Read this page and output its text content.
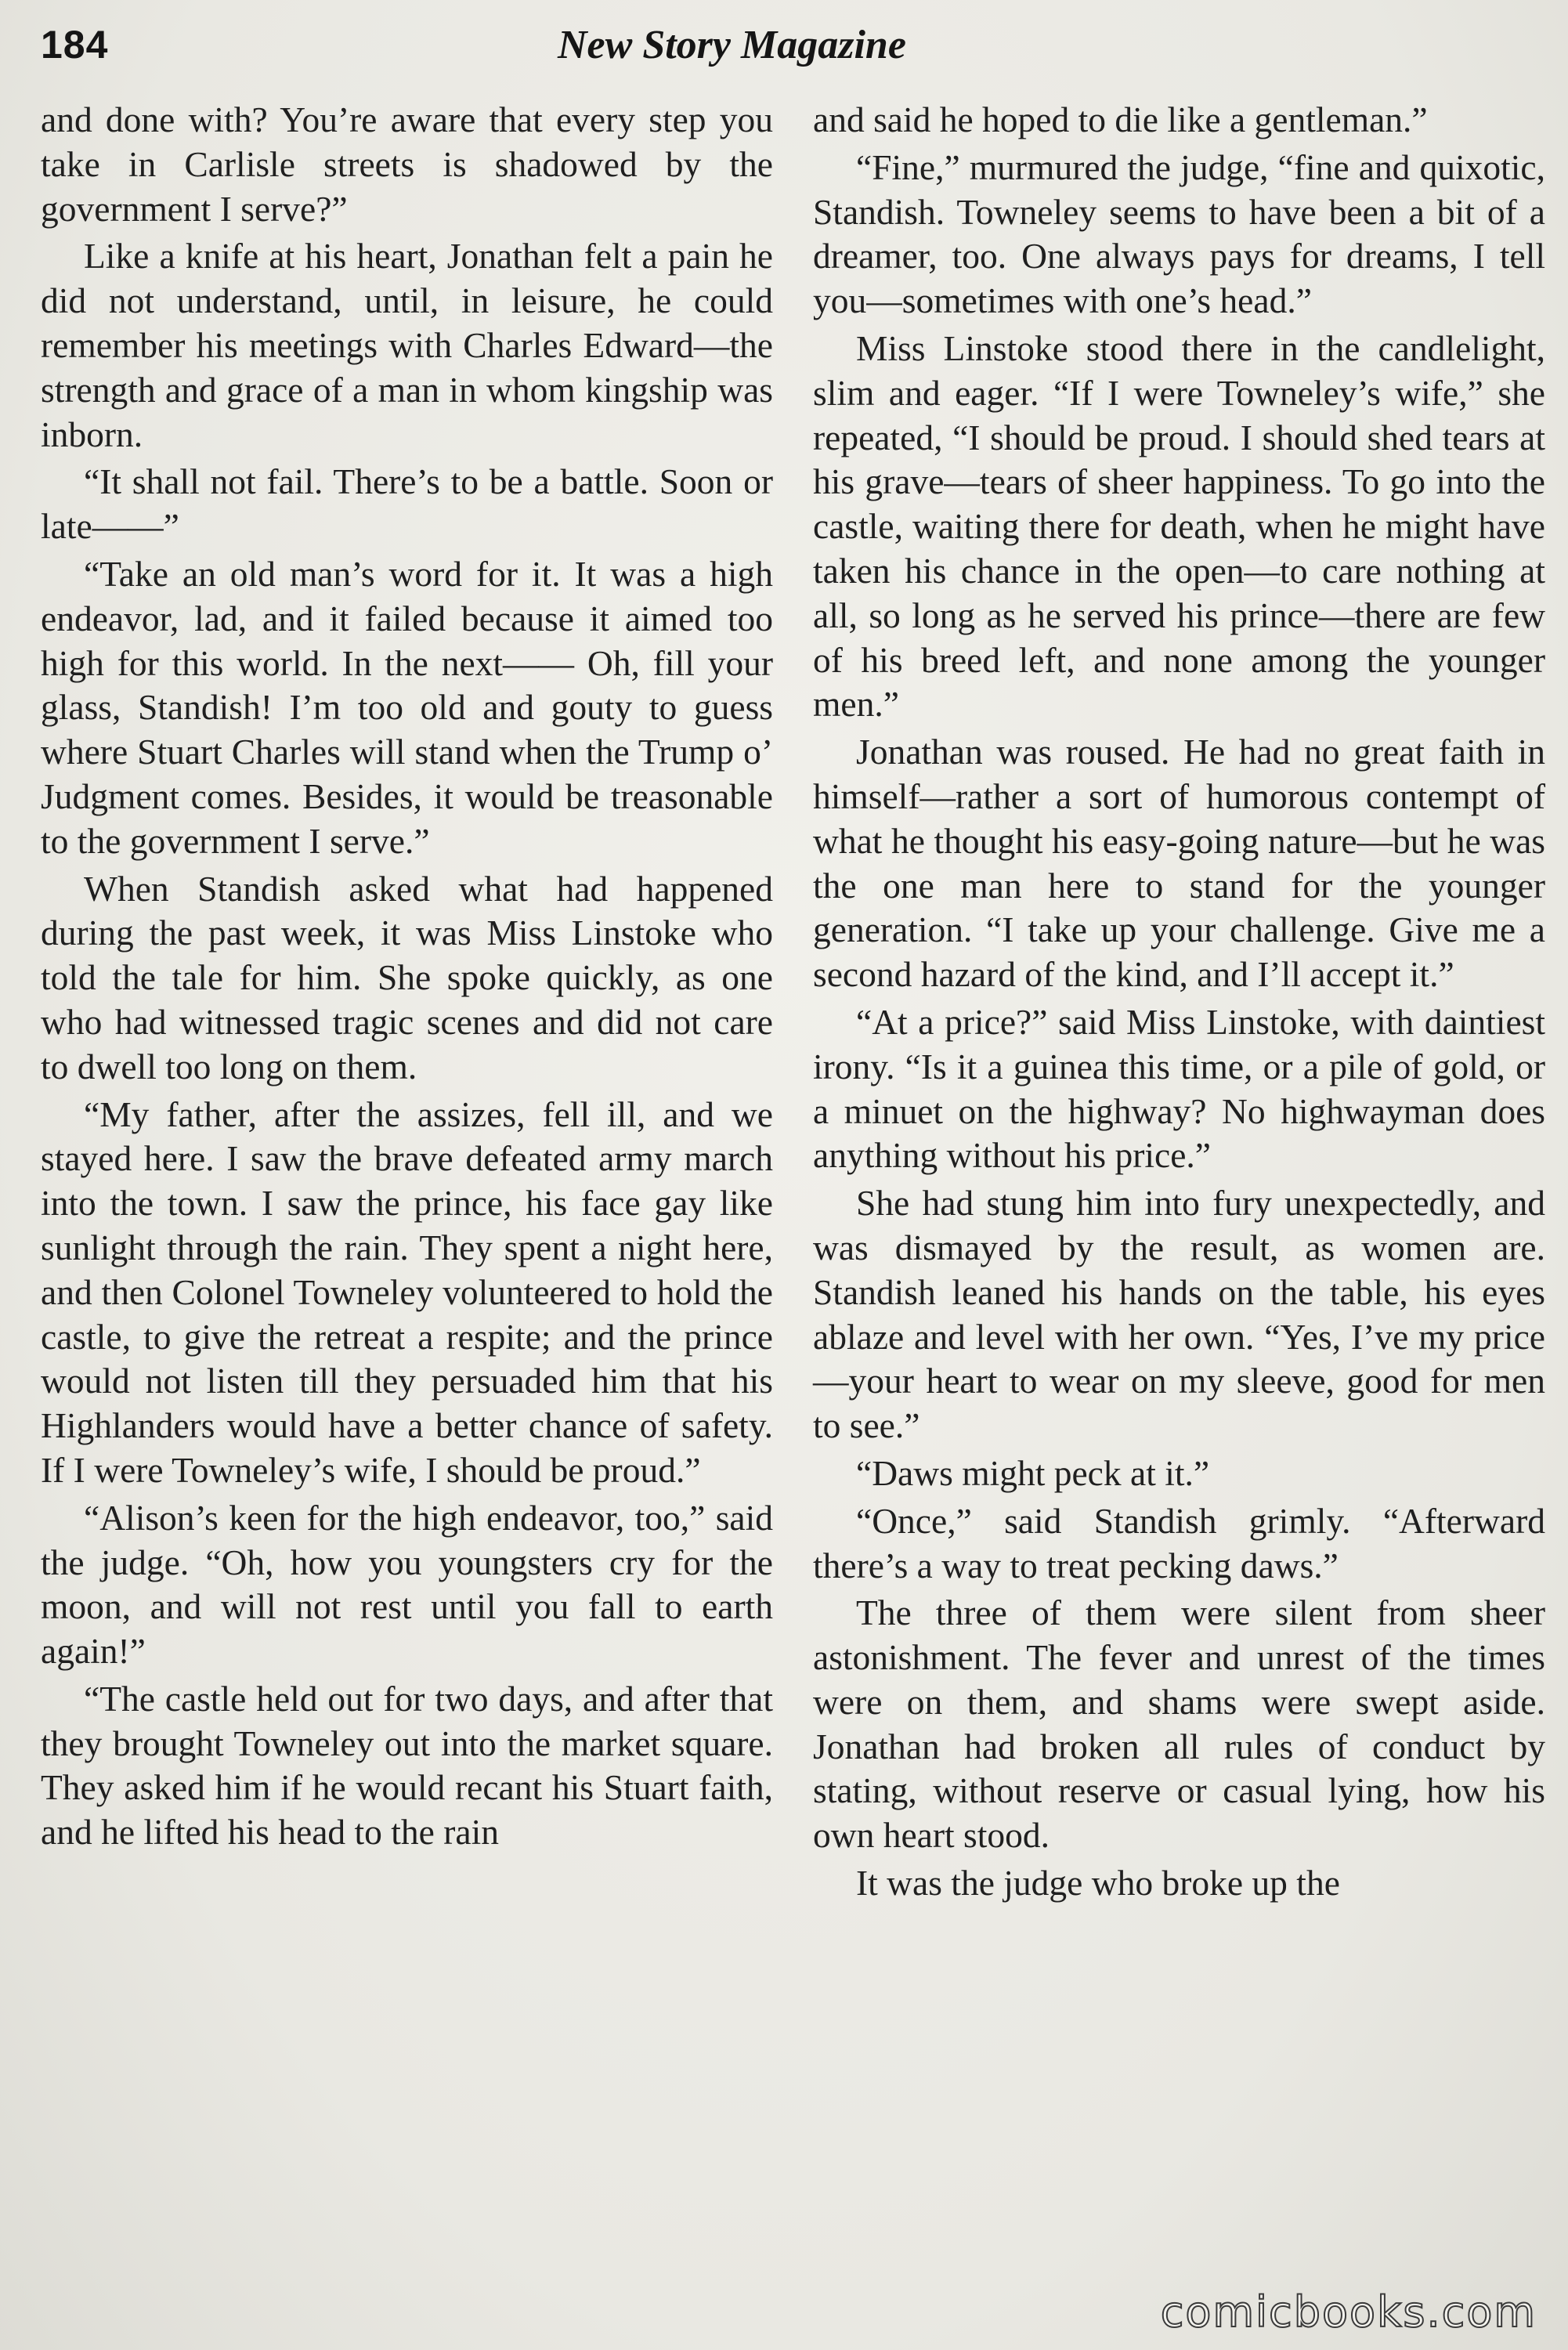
184	New Story Magazine

and done with? You’re aware that every step you take in Carlisle streets is shadowed by the government I serve?”

Like a knife at his heart, Jonathan felt a pain he did not understand, until, in leisure, he could remember his meetings with Charles Edward—the strength and grace of a man in whom kingship was inborn.

“It shall not fail. There’s to be a battle. Soon or late——”

“Take an old man’s word for it. It was a high endeavor, lad, and it failed because it aimed too high for this world. In the next—— Oh, fill your glass, Standish! I’m too old and gouty to guess where Stuart Charles will stand when the Trump o’ Judgment comes. Besides, it would be treasonable to the government I serve.”

When Standish asked what had happened during the past week, it was Miss Linstoke who told the tale for him. She spoke quickly, as one who had witnessed tragic scenes and did not care to dwell too long on them.

“My father, after the assizes, fell ill, and we stayed here. I saw the brave defeated army march into the town. I saw the prince, his face gay like sunlight through the rain. They spent a night here, and then Colonel Towneley volunteered to hold the castle, to give the retreat a respite; and the prince would not listen till they persuaded him that his Highlanders would have a better chance of safety. If I were Towneley’s wife, I should be proud.”

“Alison’s keen for the high endeavor, too,” said the judge. “Oh, how you youngsters cry for the moon, and will not rest until you fall to earth again!”

“The castle held out for two days, and after that they brought Towneley out into the market square. They asked him if he would recant his Stuart faith, and he lifted his head to the rain

and said he hoped to die like a gentleman.”

“Fine,” murmured the judge, “fine and quixotic, Standish. Towneley seems to have been a bit of a dreamer, too. One always pays for dreams, I tell you—sometimes with one’s head.”

Miss Linstoke stood there in the candlelight, slim and eager. “If I were Towneley’s wife,” she repeated, “I should be proud. I should shed tears at his grave—tears of sheer happiness. To go into the castle, waiting there for death, when he might have taken his chance in the open—to care nothing at all, so long as he served his prince—there are few of his breed left, and none among the younger men.”

Jonathan was roused. He had no great faith in himself—rather a sort of humorous contempt of what he thought his easy-going nature—but he was the one man here to stand for the younger generation. “I take up your challenge. Give me a second hazard of the kind, and I’ll accept it.”

“At a price?” said Miss Linstoke, with daintiest irony. “Is it a guinea this time, or a pile of gold, or a minuet on the highway? No highwayman does anything without his price.”

She had stung him into fury unexpectedly, and was dismayed by the result, as women are. Standish leaned his hands on the table, his eyes ablaze and level with her own. “Yes, I’ve my price—your heart to wear on my sleeve, good for men to see.”

“Daws might peck at it.”

“Once,” said Standish grimly. “Afterward there’s a way to treat pecking daws.”

The three of them were silent from sheer astonishment. The fever and unrest of the times were on them, and shams were swept aside. Jonathan had broken all rules of conduct by stating, without reserve or casual lying, how his own heart stood.

It was the judge who broke up the

comicbooks.com
